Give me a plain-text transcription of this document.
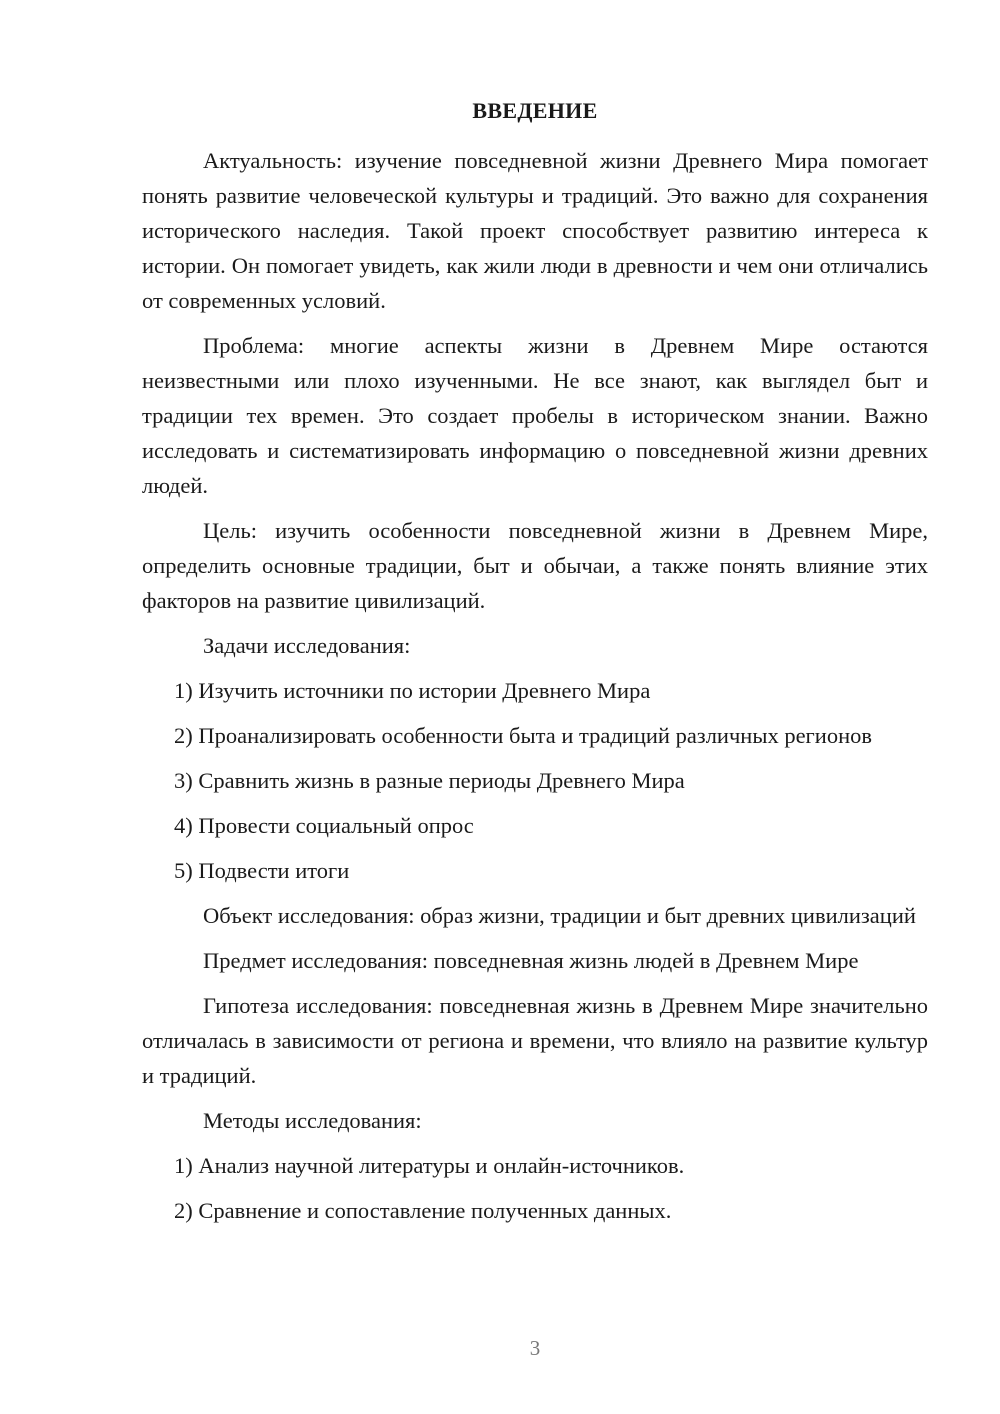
ВВЕДЕНИЕ

Актуальность: изучение повседневной жизни Древнего Мира помогает понять развитие человеческой культуры и традиций. Это важно для сохранения исторического наследия. Такой проект способствует развитию интереса к истории. Он помогает увидеть, как жили люди в древности и чем они отличались от современных условий.

Проблема: многие аспекты жизни в Древнем Мире остаются неизвестными или плохо изученными. Не все знают, как выглядел быт и традиции тех времен. Это создает пробелы в историческом знании. Важно исследовать и систематизировать информацию о повседневной жизни древних людей.

Цель: изучить особенности повседневной жизни в Древнем Мире, определить основные традиции, быт и обычаи, а также понять влияние этих факторов на развитие цивилизаций.

Задачи исследования:

1) Изучить источники по истории Древнего Мира

2) Проанализировать особенности быта и традиций различных регионов

3) Сравнить жизнь в разные периоды Древнего Мира

4) Провести социальный опрос

5) Подвести итоги

Объект исследования: образ жизни, традиции и быт древних цивилизаций

Предмет исследования: повседневная жизнь людей в Древнем Мире

Гипотеза исследования: повседневная жизнь в Древнем Мире значительно отличалась в зависимости от региона и времени, что влияло на развитие культур и традиций.

Методы исследования:

1) Анализ научной литературы и онлайн-источников.

2) Сравнение и сопоставление полученных данных.

3
